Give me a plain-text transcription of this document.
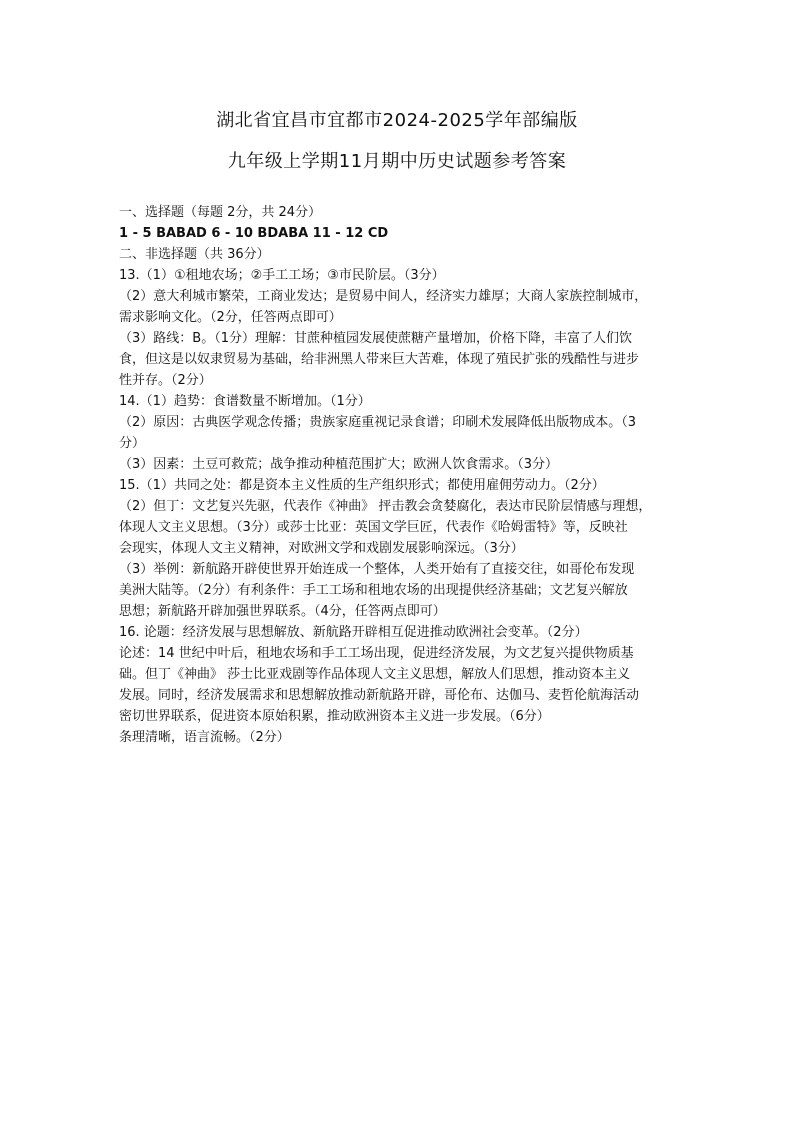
湖北省宜昌市宜都市2024-2025学年部编版
九年级上学期11月期中历史试题参考答案
一、选择题（每题 2分，共 24分）
1 - 5 BABAD 6 - 10 BDABA 11 - 12 CD
二、非选择题（共 36分）
13.（1）①租地农场；②手工工场；③市民阶层。（3分）
（2）意大利城市繁荣，工商业发达；是贸易中间人，经济实力雄厚；大商人家族控制城市，
需求影响文化。（2分，任答两点即可）
（3）路线：B。（1分）理解：甘蔗种植园发展使蔗糖产量增加，价格下降，丰富了人们饮
食，但这是以奴隶贸易为基础，给非洲黑人带来巨大苦难，体现了殖民扩张的残酷性与进步
性并存。（2分）
14.（1）趋势：食谱数量不断增加。（1分）
（2）原因：古典医学观念传播；贵族家庭重视记录食谱；印刷术发展降低出版物成本。（3
分）
（3）因素：土豆可救荒；战争推动种植范围扩大；欧洲人饮食需求。（3分）
15.（1）共同之处：都是资本主义性质的生产组织形式；都使用雇佣劳动力。（2分）
（2）但丁：文艺复兴先驱，代表作《神曲》 抨击教会贪婪腐化，表达市民阶层情感与理想，
体现人文主义思想。（3分）或莎士比亚：英国文学巨匠，代表作《哈姆雷特》等，反映社
会现实，体现人文主义精神，对欧洲文学和戏剧发展影响深远。（3分）
（3）举例：新航路开辟使世界开始连成一个整体，人类开始有了直接交往，如哥伦布发现
美洲大陆等。（2分）有利条件：手工工场和租地农场的出现提供经济基础；文艺复兴解放
思想；新航路开辟加强世界联系。（4分，任答两点即可）
16. 论题：经济发展与思想解放、新航路开辟相互促进推动欧洲社会变革。（2分）
论述：14 世纪中叶后，租地农场和手工工场出现，促进经济发展，为文艺复兴提供物质基
础。但丁《神曲》 莎士比亚戏剧等作品体现人文主义思想，解放人们思想，推动资本主义
发展。同时，经济发展需求和思想解放推动新航路开辟，哥伦布、达伽马、麦哲伦航海活动
密切世界联系，促进资本原始积累，推动欧洲资本主义进一步发展。（6分）
条理清晰，语言流畅。（2分）
